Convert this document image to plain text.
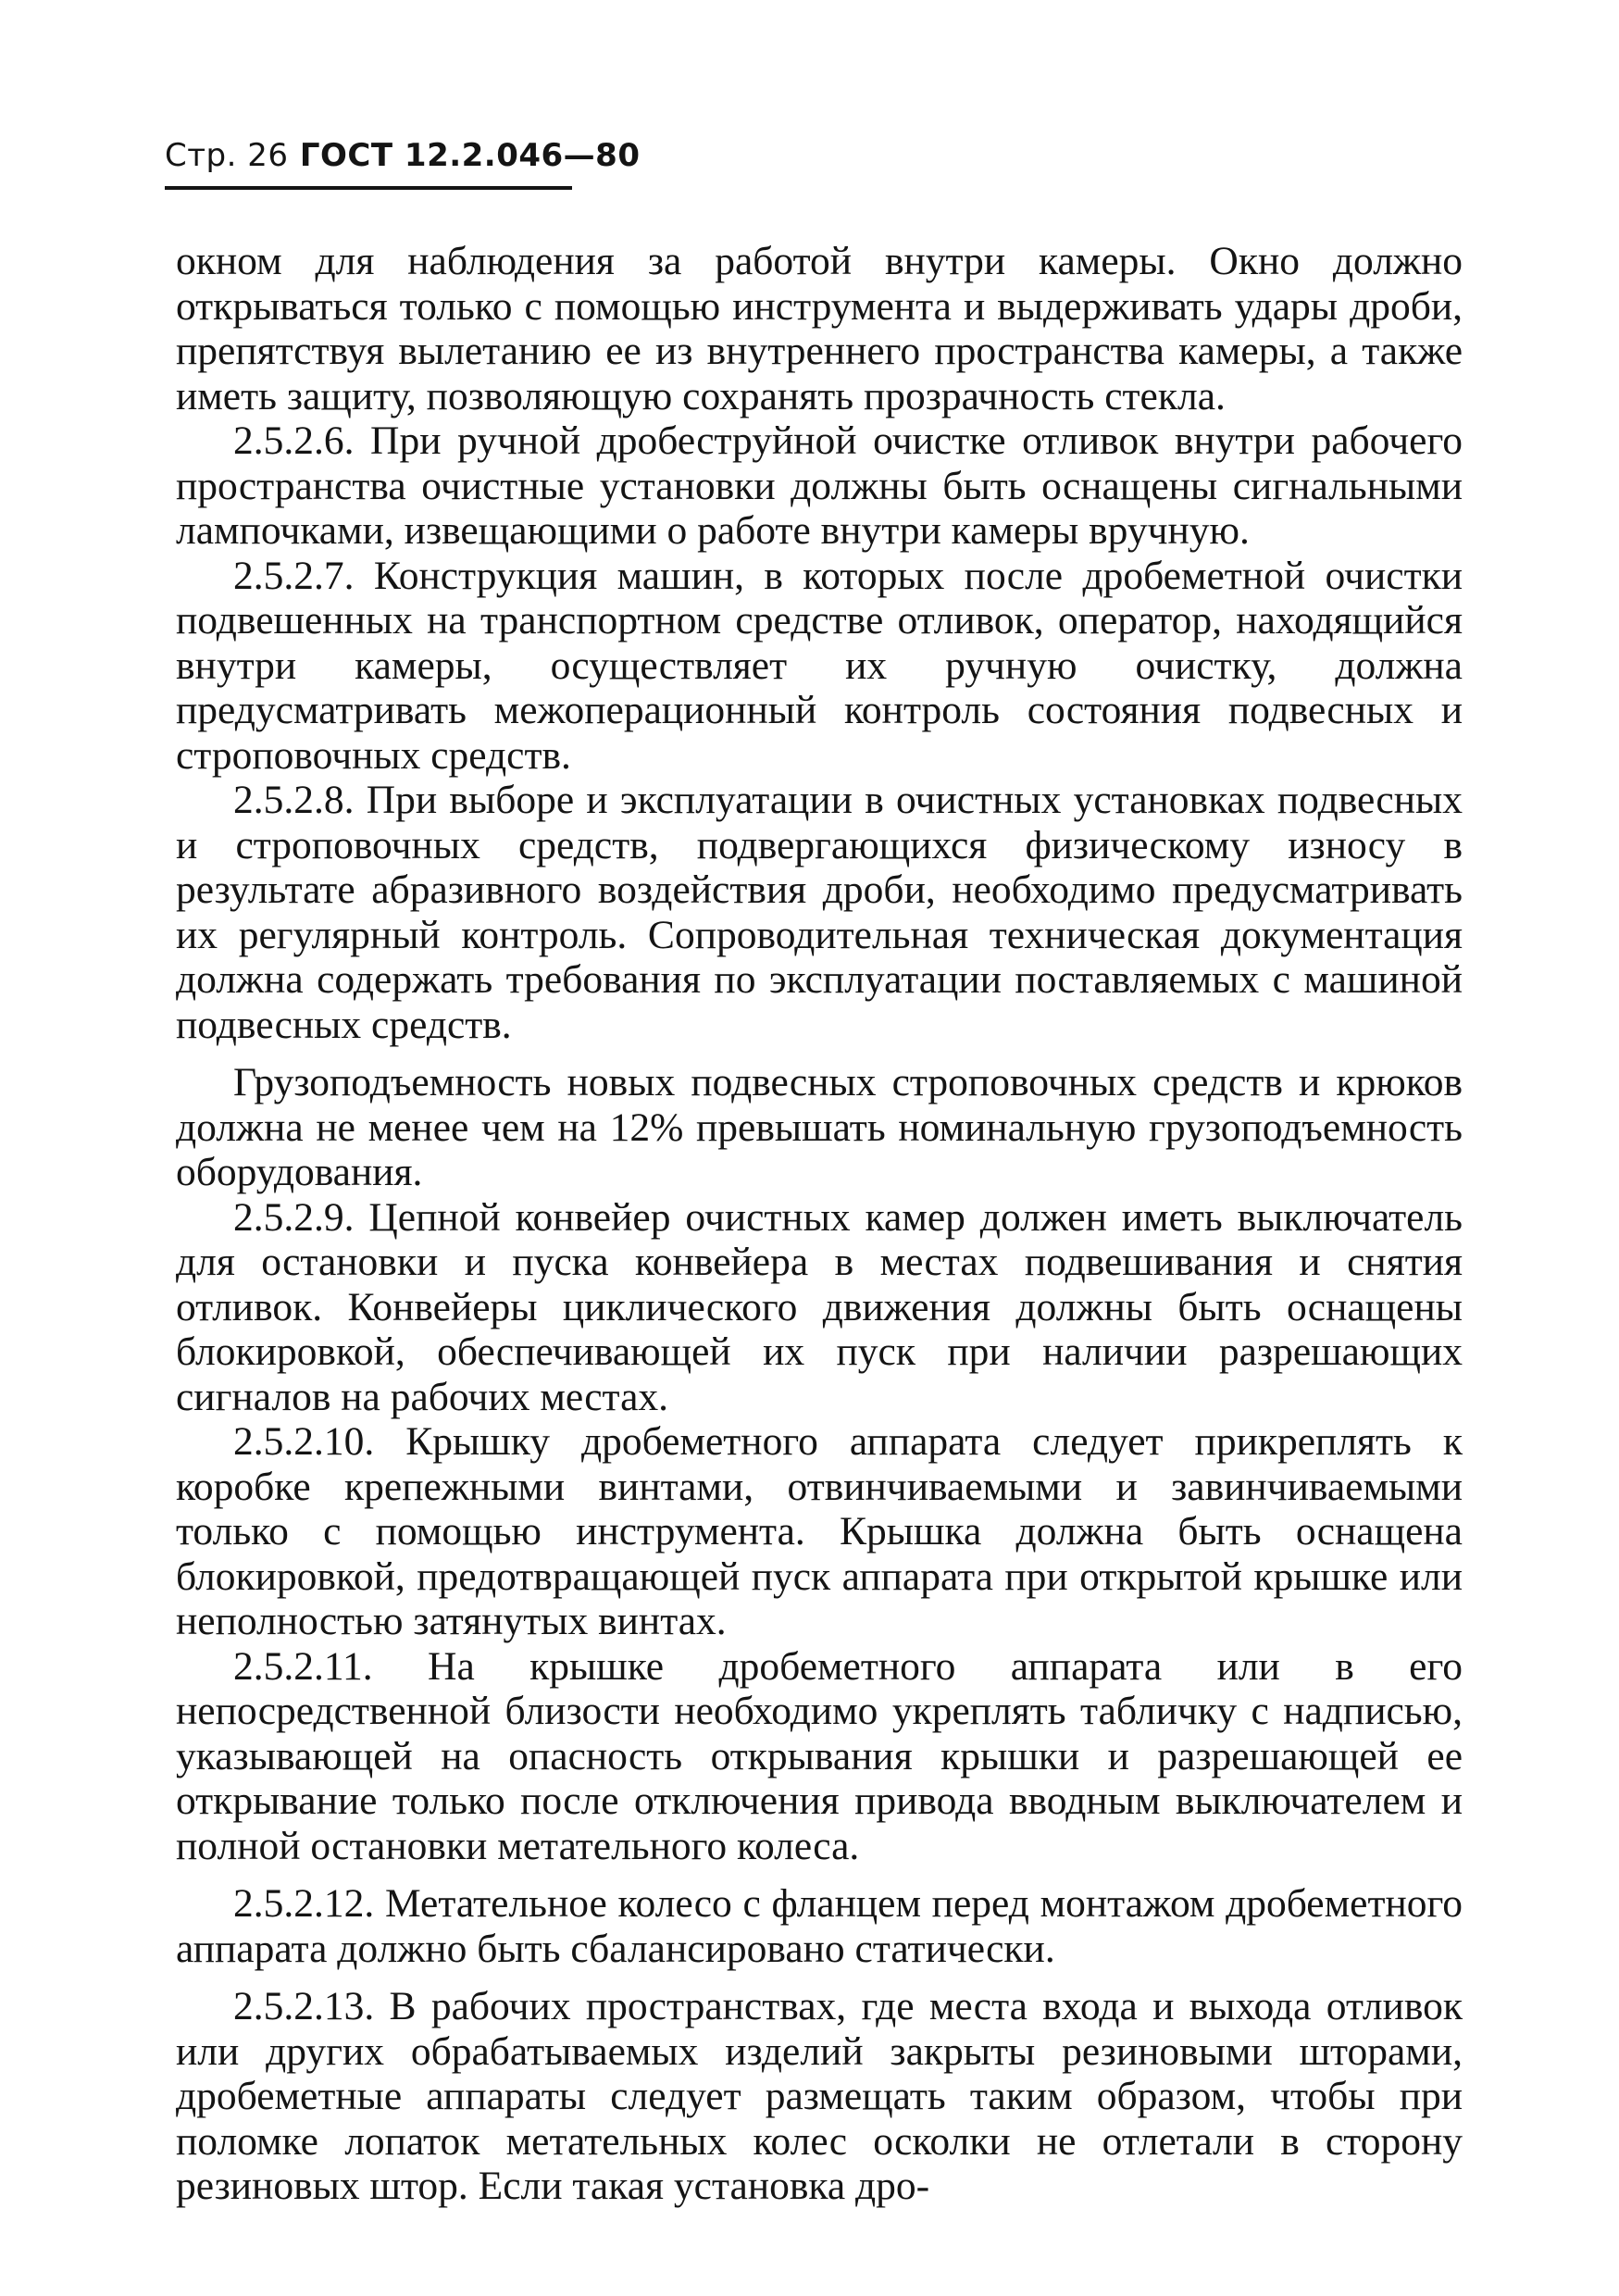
Стр. 26 ГОСТ 12.2.046—80

окном для наблюдения за работой внутри камеры. Окно должно открываться только с помощью инструмента и выдерживать удары дроби, препятствуя вылетанию ее из внутреннего пространства камеры, а также иметь защиту, позволяющую сохранять прозрачность стекла.

2.5.2.6. При ручной дробеструйной очистке отливок внутри рабочего пространства очистные установки должны быть оснащены сигнальными лампочками, извещающими о работе внутри камеры вручную.

2.5.2.7. Конструкция машин, в которых после дробеметной очистки подвешенных на транспортном средстве отливок, оператор, находящийся внутри камеры, осуществляет их ручную очистку, должна предусматривать межоперационный контроль состояния подвесных и строповочных средств.

2.5.2.8. При выборе и эксплуатации в очистных установках подвесных и строповочных средств, подвергающихся физическому износу в результате абразивного воздействия дроби, необходимо предусматривать их регулярный контроль. Сопроводительная техническая документация должна содержать требования по эксплуатации поставляемых с машиной подвесных средств.

Грузоподъемность новых подвесных строповочных средств и крюков должна не менее чем на 12% превышать номинальную грузоподъемность оборудования.

2.5.2.9. Цепной конвейер очистных камер должен иметь выключатель для остановки и пуска конвейера в местах подвешивания и снятия отливок. Конвейеры циклического движения должны быть оснащены блокировкой, обеспечивающей их пуск при наличии разрешающих сигналов на рабочих местах.

2.5.2.10. Крышку дробеметного аппарата следует прикреплять к коробке крепежными винтами, отвинчиваемыми и завинчиваемыми только с помощью инструмента. Крышка должна быть оснащена блокировкой, предотвращающей пуск аппарата при открытой крышке или неполностью затянутых винтах.

2.5.2.11. На крышке дробеметного аппарата или в его непосредственной близости необходимо укреплять табличку с надписью, указывающей на опасность открывания крышки и разрешающей ее открывание только после отключения привода вводным выключателем и полной остановки метательного колеса.

2.5.2.12. Метательное колесо с фланцем перед монтажом дробеметного аппарата должно быть сбалансировано статически.

2.5.2.13. В рабочих пространствах, где места входа и выхода отливок или других обрабатываемых изделий закрыты резиновыми шторами, дробеметные аппараты следует размещать таким образом, чтобы при поломке лопаток метательных колес осколки не отлетали в сторону резиновых штор. Если такая установка дро-
